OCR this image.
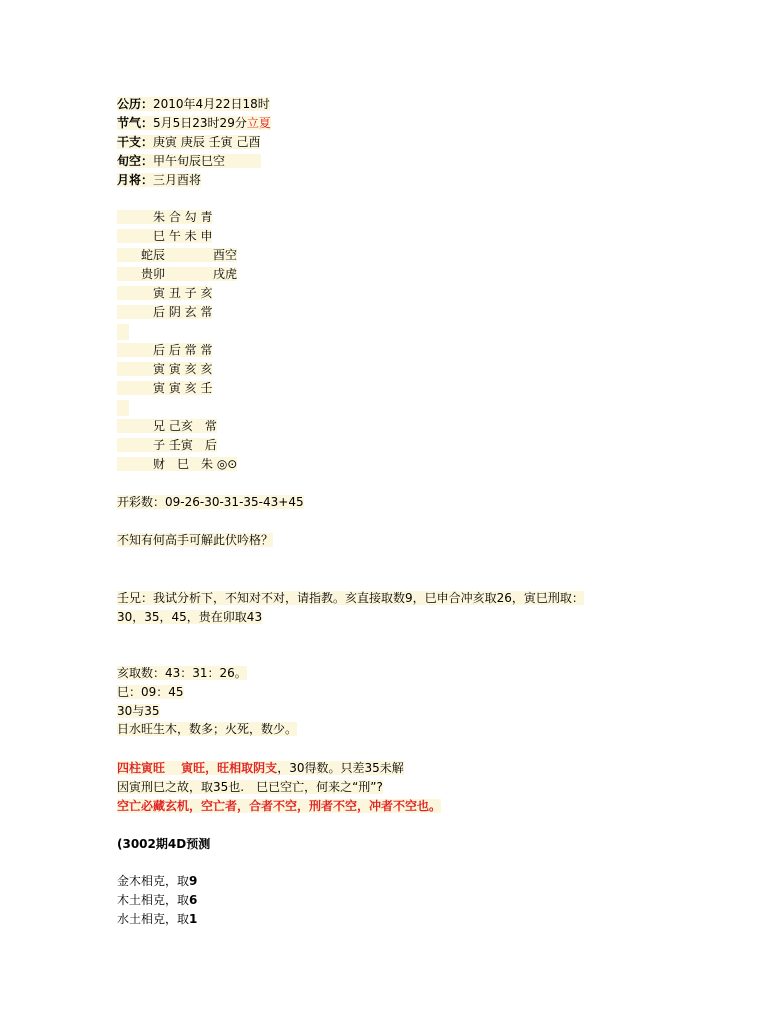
公历：2010年4月22日18时
节气：5月5日23时29分立夏
干支：庚寅 庚辰 壬寅 己酉
旬空：甲午旬辰巳空
月将：三月酉将
　　　朱 合 勾 青
　　　巳 午 未 申
　　蛇辰　　　　酉空
　　贵卯　　　　戌虎
　　　寅 丑 子 亥
　　　后 阴 玄 常
　　　后 后 常 常
　　　寅 寅 亥 亥
　　　寅 寅 亥 壬
　　　兄 己亥　常
　　　子 壬寅　后
　　　财　巳　朱 ◎⊙
开彩数：09-26-30-31-35-43+45
不知有何高手可解此伏吟格？
壬兄：我试分析下，不知对不对，请指教。亥直接取数9，巳申合冲亥取26，寅巳刑取：
30，35，45，贵在卯取43
亥取数：43：31：26。
巳：09：45
30与35
日水旺生木，数多；火死，数少。
四柱寅旺　 寅旺，旺相取阴支，30得数。只差35未解
因寅刑巳之故，取35也.　巳已空亡，何来之“刑”?
空亡必藏玄机，空亡者，合者不空，刑者不空，冲者不空也。
(3002期4D预测
金木相克，取9
木土相克，取6
水土相克，取1
